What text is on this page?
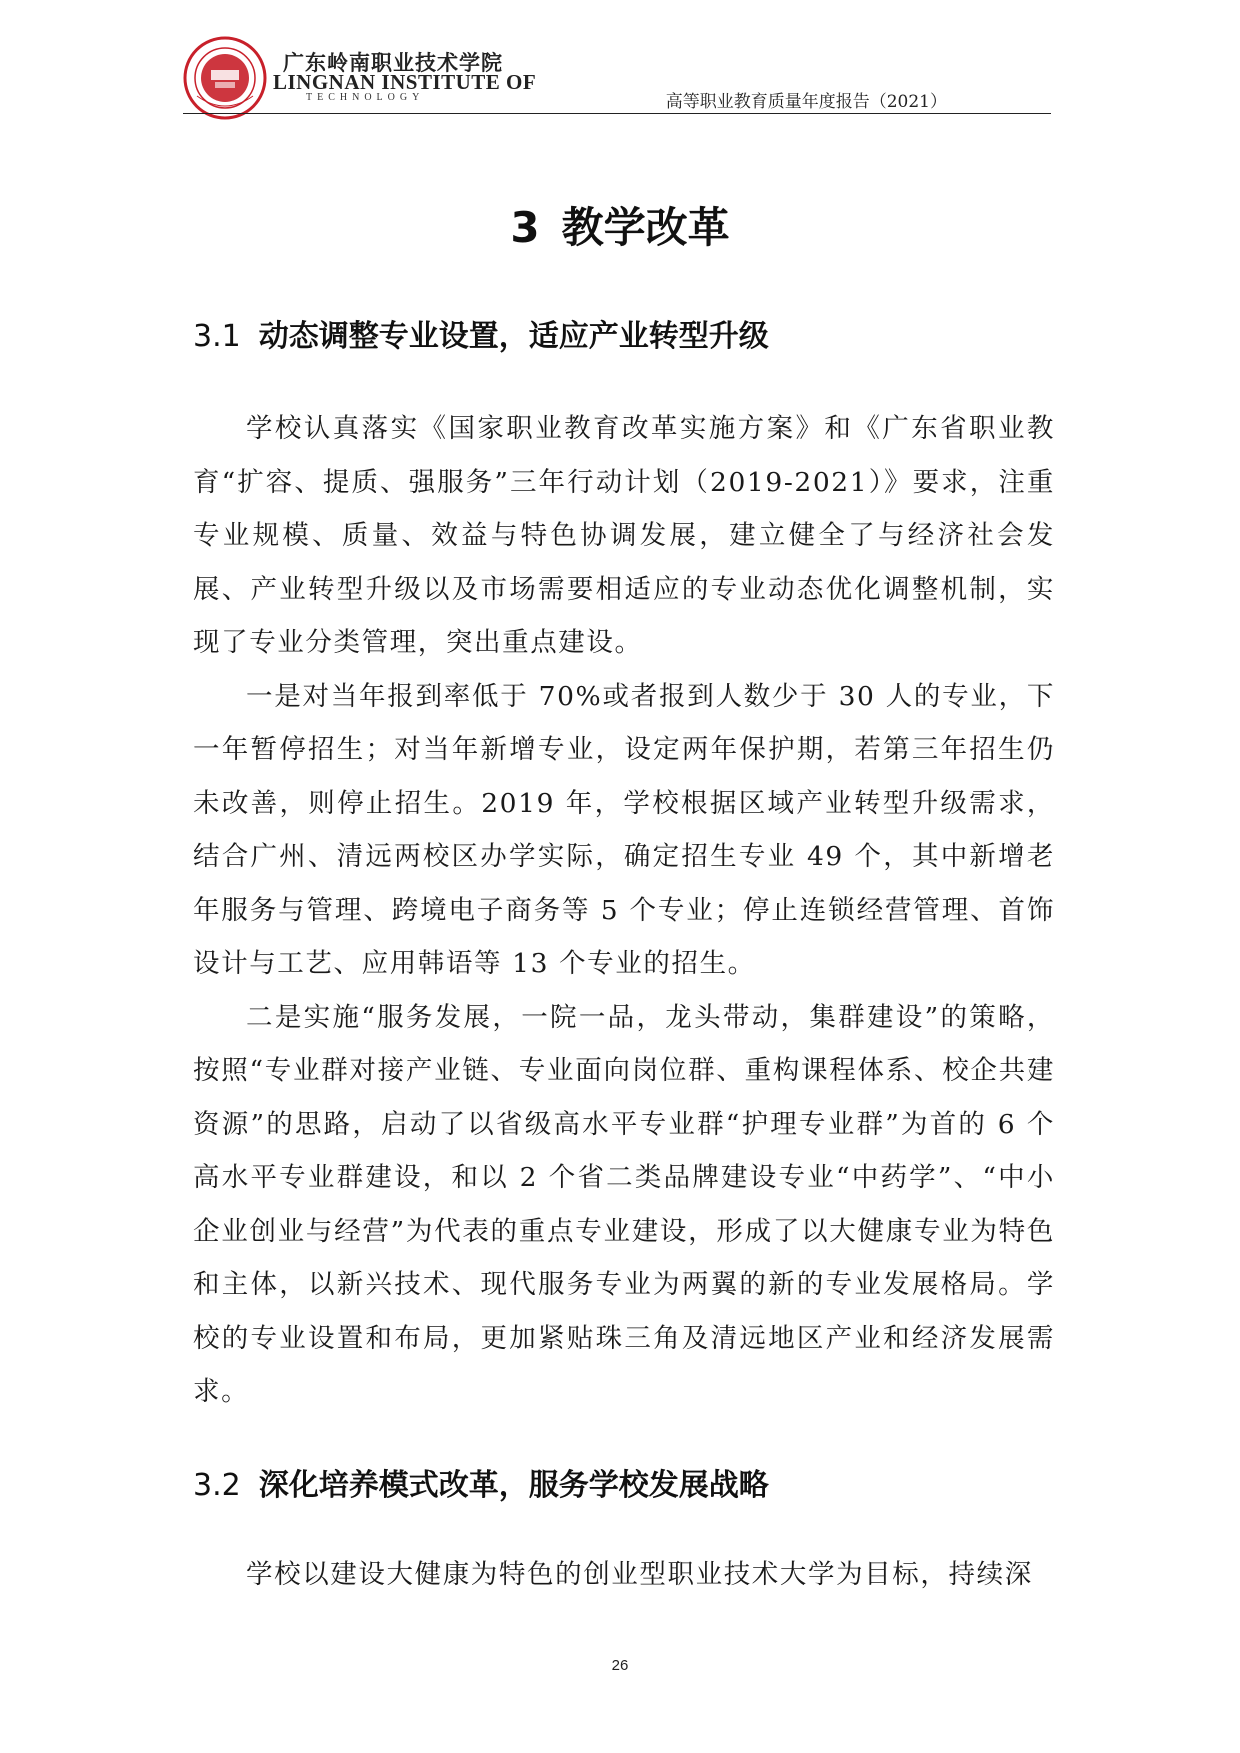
广东岭南职业技术学院
LINGNAN INSTITUTE OF
TECHNOLOGY	高等职业教育质量年度报告（2021）
3 教学改革
3.1 动态调整专业设置，适应产业转型升级

学校认真落实《国家职业教育改革实施方案》和《广东省职业教育“扩容、提质、强服务”三年行动计划（2019-2021）》要求，注重专业规模、质量、效益与特色协调发展，建立健全了与经济社会发展、产业转型升级以及市场需要相适应的专业动态优化调整机制，实现了专业分类管理，突出重点建设。

一是对当年报到率低于 70%或者报到人数少于 30 人的专业，下一年暂停招生；对当年新增专业，设定两年保护期，若第三年招生仍未改善，则停止招生。2019 年，学校根据区域产业转型升级需求，结合广州、清远两校区办学实际，确定招生专业 49 个，其中新增老年服务与管理、跨境电子商务等 5 个专业；停止连锁经营管理、首饰设计与工艺、应用韩语等 13 个专业的招生。

二是实施“服务发展，一院一品，龙头带动，集群建设”的策略，按照“专业群对接产业链、专业面向岗位群、重构课程体系、校企共建资源”的思路，启动了以省级高水平专业群“护理专业群”为首的 6 个高水平专业群建设，和以 2 个省二类品牌建设专业“中药学”、“中小企业创业与经营”为代表的重点专业建设，形成了以大健康专业为特色和主体，以新兴技术、现代服务专业为两翼的新的专业发展格局。学校的专业设置和布局，更加紧贴珠三角及清远地区产业和经济发展需求。

3.2 深化培养模式改革，服务学校发展战略

学校以建设大健康为特色的创业型职业技术大学为目标，持续深

26
